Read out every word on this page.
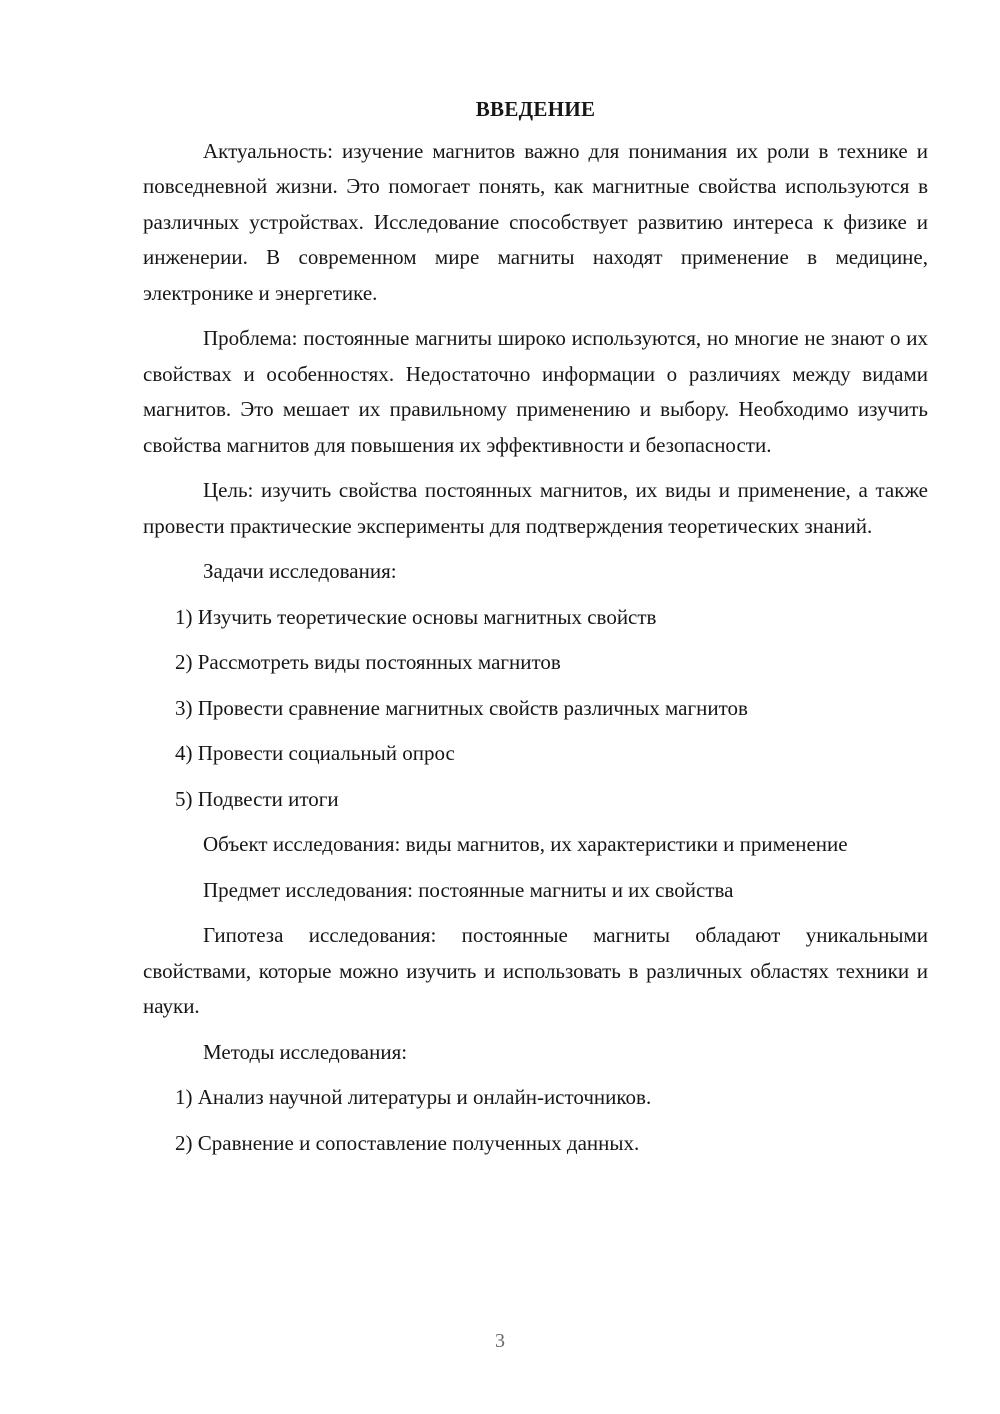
ВВЕДЕНИЕ

Актуальность: изучение магнитов важно для понимания их роли в технике и повседневной жизни. Это помогает понять, как магнитные свойства используются в различных устройствах. Исследование способствует развитию интереса к физике и инженерии. В современном мире магниты находят применение в медицине, электронике и энергетике.

Проблема: постоянные магниты широко используются, но многие не знают о их свойствах и особенностях. Недостаточно информации о различиях между видами магнитов. Это мешает их правильному применению и выбору. Необходимо изучить свойства магнитов для повышения их эффективности и безопасности.

Цель: изучить свойства постоянных магнитов, их виды и применение, а также провести практические эксперименты для подтверждения теоретических знаний.

Задачи исследования:

1) Изучить теоретические основы магнитных свойств
2) Рассмотреть виды постоянных магнитов
3) Провести сравнение магнитных свойств различных магнитов
4) Провести социальный опрос
5) Подвести итоги

Объект исследования: виды магнитов, их характеристики и применение

Предмет исследования: постоянные магниты и их свойства

Гипотеза исследования: постоянные магниты обладают уникальными свойствами, которые можно изучить и использовать в различных областях техники и науки.

Методы исследования:

1) Анализ научной литературы и онлайн-источников.
2) Сравнение и сопоставление полученных данных.
3
